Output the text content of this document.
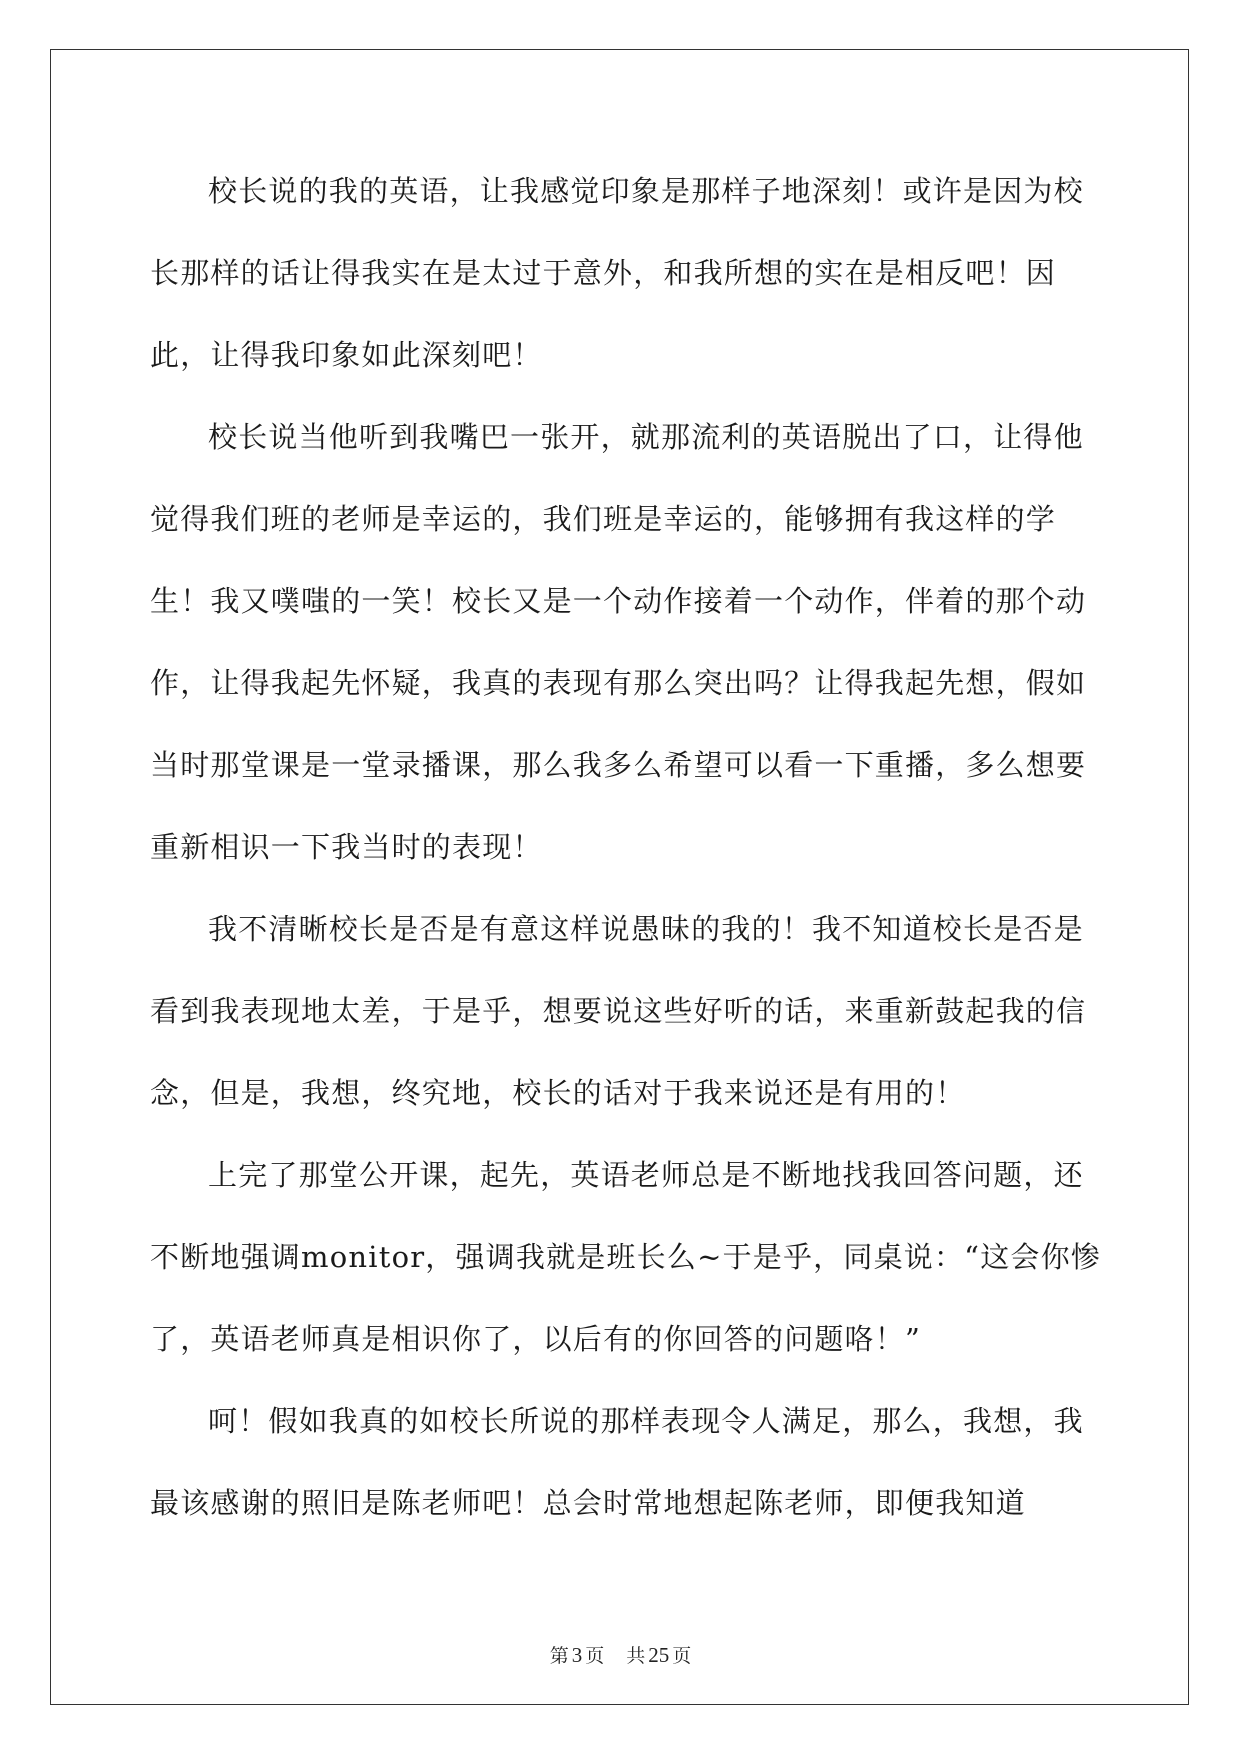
校长说的我的英语，让我感觉印象是那样子地深刻！或许是因为校长那样的话让得我实在是太过于意外，和我所想的实在是相反吧！因此，让得我印象如此深刻吧！

校长说当他听到我嘴巴一张开，就那流利的英语脱出了口，让得他觉得我们班的老师是幸运的，我们班是幸运的，能够拥有我这样的学生！我又噗嗤的一笑！校长又是一个动作接着一个动作，伴着的那个动作，让得我起先怀疑，我真的表现有那么突出吗？让得我起先想，假如当时那堂课是一堂录播课，那么我多么希望可以看一下重播，多么想要重新相识一下我当时的表现！

我不清晰校长是否是有意这样说愚昧的我的！我不知道校长是否是看到我表现地太差，于是乎，想要说这些好听的话，来重新鼓起我的信念，但是，我想，终究地，校长的话对于我来说还是有用的！

上完了那堂公开课，起先，英语老师总是不断地找我回答问题，还不断地强调monitor，强调我就是班长么~于是乎，同桌说：“这会你惨了，英语老师真是相识你了，以后有的你回答的问题咯！”

呵！假如我真的如校长所说的那样表现令人满足，那么，我想，我最该感谢的照旧是陈老师吧！总会时常地想起陈老师，即便我知道

第 3 页 共 25 页
